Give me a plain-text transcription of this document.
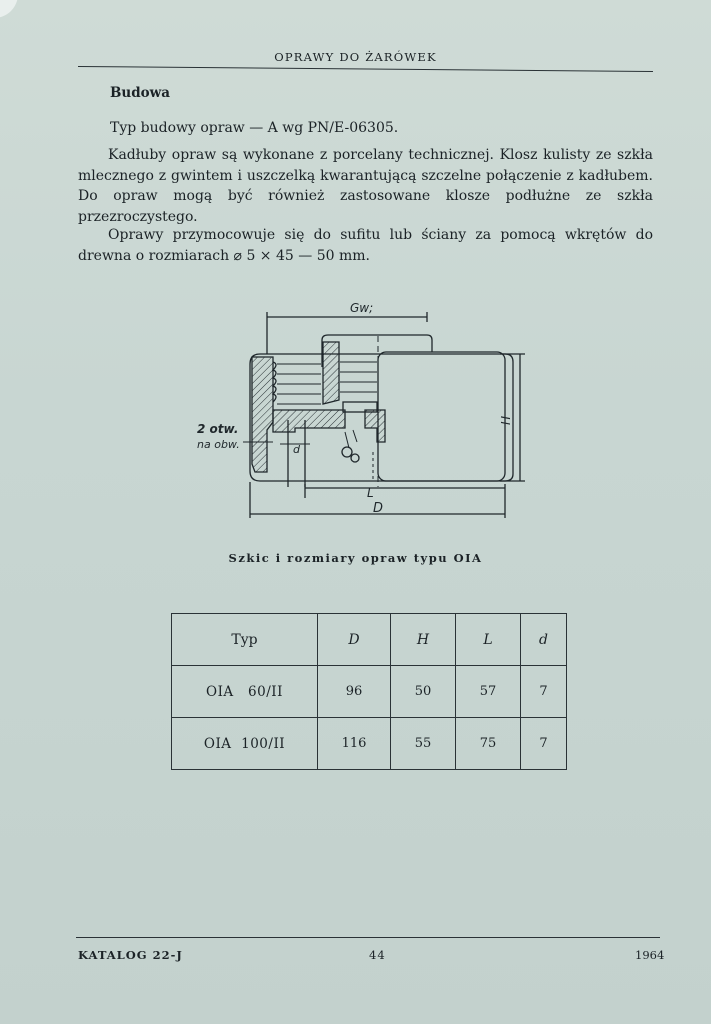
OPRAWY DO ŻARÓWEK
Budowa

Typ budowy opraw — A wg PN/E-06305.

Kadłuby opraw są wykonane z porcelany technicznej. Klosz kulisty ze szkła mlecznego z gwintem i uszczelką kwarantującą szczelne połączenie z kadłubem. Do opraw mogą być również zastosowane klosze podłużne ze szkła przezroczystego.

Oprawy przymocowuje się do sufitu lub ściany za pomocą wkrętów do drewna o rozmiarach ⌀ 5 × 45 — 50 mm.

Gw;
2 otw.
na obw.	d
L
D
H
Szkic i rozmiary opraw typu OIA
Typ	D	H	L	d
OIA   60/II	96	50	57	7
OIA  100/II	116	55	75	7
KATALOG 22-J	44	1964
